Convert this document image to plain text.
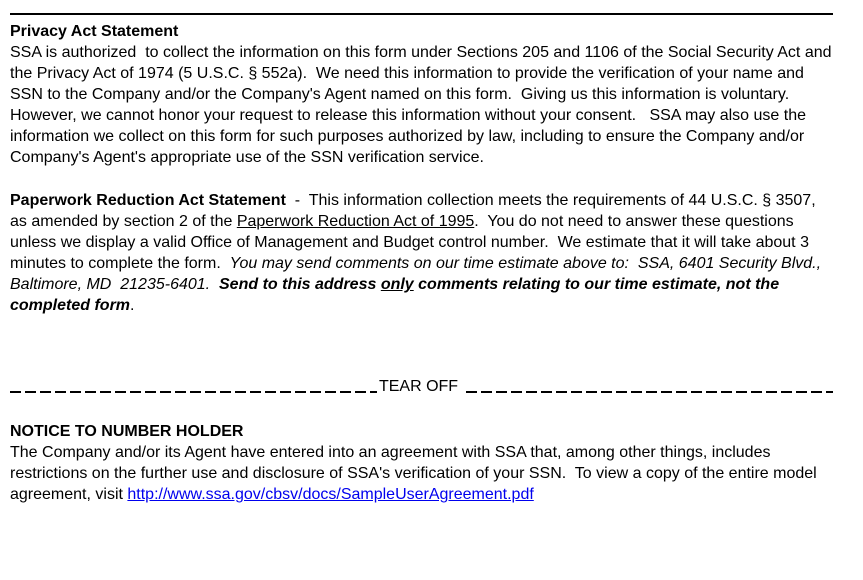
Privacy Act Statement

SSA is authorized  to collect the information on this form under Sections 205 and 1106 of the Social Security Act and the Privacy Act of 1974 (5 U.S.C. § 552a).  We need this information to provide the verification of your name and SSN to the Company and/or the Company's Agent named on this form.  Giving us this information is voluntary.  However, we cannot honor your request to release this information without your consent.   SSA may also use the information we collect on this form for such purposes authorized by law, including to ensure the Company and/or Company's Agent's appropriate use of the SSN verification service.

Paperwork Reduction Act Statement  -  This information collection meets the requirements of 44 U.S.C. § 3507, as amended by section 2 of the Paperwork Reduction Act of 1995.  You do not need to answer these questions unless we display a valid Office of Management and Budget control number.  We estimate that it will take about 3 minutes to complete the form.  You may send comments on our time estimate above to:  SSA, 6401 Security Blvd., Baltimore, MD  21235-6401.  Send to this address only comments relating to our time estimate, not the completed form.

TEAR OFF
NOTICE TO NUMBER HOLDER

The Company and/or its Agent have entered into an agreement with SSA that, among other things, includes restrictions on the further use and disclosure of SSA's verification of your SSN.  To view a copy of the entire model agreement, visit http://www.ssa.gov/cbsv/docs/SampleUserAgreement.pdf
